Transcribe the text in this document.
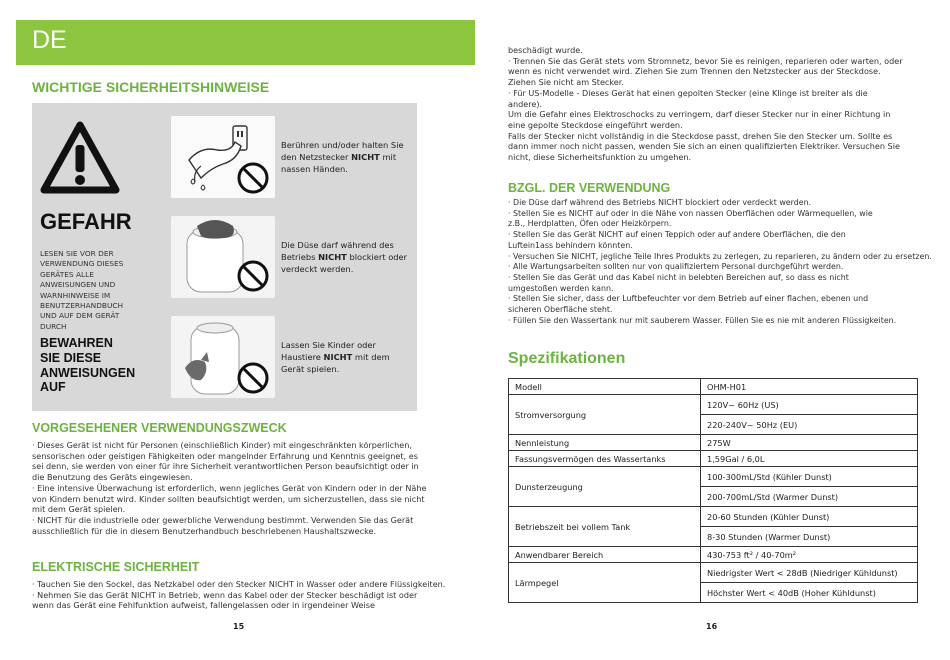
DE
WICHTIGE SICHERHEITSHINWEISE
GEFAHR
LESEN SIE VOR DER
VERWENDUNG DIESES
GERÄTES ALLE
ANWEISUNGEN UND
WARNHINWEISE IM
BENUTZERHANDBUCH
UND AUF DEM GERÄT
DURCH
BEWAHREN
SIE DIESE
ANWEISUNGEN
AUF
Berühren und/oder halten Sie den Netzstecker NICHT mit nassen Händen.
Die Düse darf während des Betriebs NICHT blockiert oder verdeckt werden.
Lassen Sie Kinder oder Haustiere NICHT mit dem Gerät spielen.
VORGESEHENER VERWENDUNGSZWECK

· Dieses Gerät ist nicht für Personen (einschließlich Kinder) mit eingeschränkten körperlichen,

sensorischen oder geistigen Fähigkeiten oder mangelnder Erfahrung und Kenntnis geeignet, es

sei denn, sie werden von einer für ihre Sicherheit verantwortlichen Person beaufsichtigt oder in

die Benutzung des Geräts eingewiesen.

· Eine intensive Überwachung ist erforderlich, wenn jegliches Gerät von Kindern oder in der Nähe

von Kindern benutzt wird. Kinder sollten beaufsichtigt werden, um sicherzustellen, dass sie nicht

mit dem Gerät spielen.

· NICHT für die industrielle oder gewerbliche Verwendung bestimmt. Verwenden Sie das Gerät

ausschließlich für die in diesem Benutzerhandbuch beschriebenen Haushaltszwecke.

ELEKTRISCHE SICHERHEIT

· Tauchen Sie den Sockel, das Netzkabel oder den Stecker NICHT in Wasser oder andere Flüssigkeiten.

· Nehmen Sie das Gerät NICHT in Betrieb, wenn das Kabel oder der Stecker beschädigt ist oder

wenn das Gerät eine Fehlfunktion aufweist, fallengelassen oder in irgendeiner Weise

15

beschädigt wurde.

· Trennen Sie das Gerät stets vom Stromnetz, bevor Sie es reinigen, reparieren oder warten, oder

wenn es nicht verwendet wird. Ziehen Sie zum Trennen den Netzstecker aus der Steckdose.

Ziehen Sie nicht am Stecker.

· Für US-Modelle - Dieses Gerät hat einen gepolten Stecker (eine Klinge ist breiter als die

andere).

Um die Gefahr eines Elektroschocks zu verringern, darf dieser Stecker nur in einer Richtung in

eine gepolte Steckdose eingeführt werden.

Falls der Stecker nicht vollständig in die Steckdose passt, drehen Sie den Stecker um. Sollte es

dann immer noch nicht passen, wenden Sie sich an einen qualifizierten Elektriker. Versuchen Sie

nicht, diese Sicherheitsfunktion zu umgehen.

BZGL. DER VERWENDUNG

· Die Düse darf während des Betriebs NICHT blockiert oder verdeckt werden.

· Stellen Sie es NICHT auf oder in die Nähe von nassen Oberflächen oder Wärmequellen, wie

z.B., Herdplatten, Öfen oder Heizkörpern.

· Stellen Sie das Gerät NICHT auf einen Teppich oder auf andere Oberflächen, die den

Luftein1ass behindern könnten.

· Versuchen Sie NICHT, jegliche Teile Ihres Produkts zu zerlegen, zu reparieren, zu ändern oder zu ersetzen.

· Alle Wartungsarbeiten sollten nur von qualifiziertem Personal durchgeführt werden.

· Stellen Sie das Gerät und das Kabel nicht in belebten Bereichen auf, so dass es nicht

umgestoßen werden kann.

· Stellen Sie sicher, dass der Luftbefeuchter vor dem Betrieb auf einer flachen, ebenen und

sicheren Oberfläche steht.

· Füllen Sie den Wassertank nur mit sauberem Wasser. Füllen Sie es nie mit anderen Flüssigkeiten.

Spezifikationen
Modell	OHM-H01
Stromversorgung	120V~ 60Hz (US)
	220-240V~ 50Hz (EU)
Nennleistung	275W
Fassungsvermögen des Wassertanks	1,59Gal / 6,0L
Dunsterzeugung	100-300mL/Std (Kühler Dunst)
	200-700mL/Std (Warmer Dunst)
Betriebszeit bei vollem Tank	20-60 Stunden (Kühler Dunst)
	8-30 Stunden (Warmer Dunst)
Anwendbarer Bereich	430-753 ft² / 40-70m²
Lärmpegel	Niedrigster Wert < 28dB (Niedriger Kühldunst)
	Höchster Wert < 40dB (Hoher Kühldunst)
16
